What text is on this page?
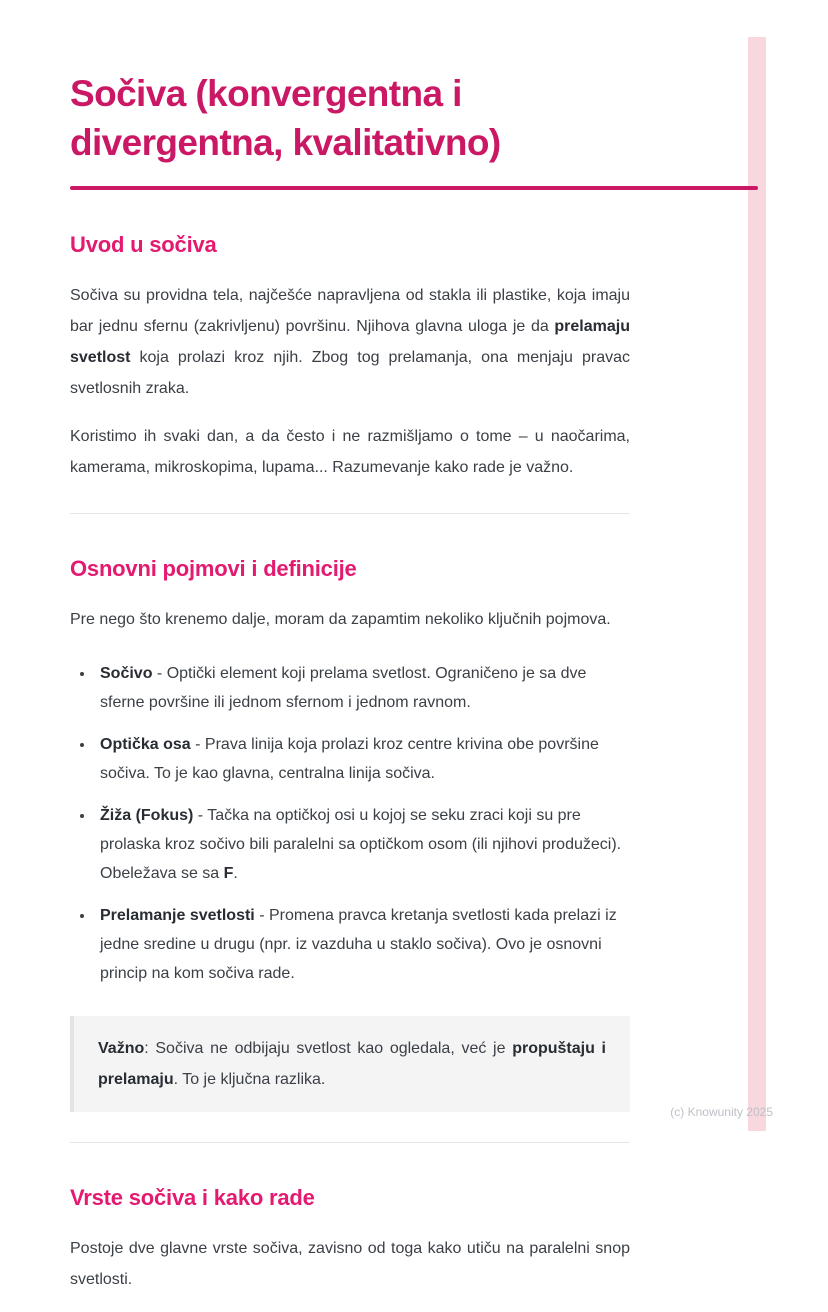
Sočiva (konvergentna i divergentna, kvalitativno)
Uvod u sočiva

Sočiva su providna tela, najčešće napravljena od stakla ili plastike, koja imaju bar jednu sfernu (zakrivljenu) površinu. Njihova glavna uloga je da prelamaju svetlost koja prolazi kroz njih. Zbog tog prelamanja, ona menjaju pravac svetlosnih zraka.

Koristimo ih svaki dan, a da često i ne razmišljamo o tome – u naočarima, kamerama, mikroskopima, lupama... Razumevanje kako rade je važno.

Osnovni pojmovi i definicije

Pre nego što krenemo dalje, moram da zapamtim nekoliko ključnih pojmova.

• Sočivo - Optički element koji prelama svetlost. Ograničeno je sa dve sferne površine ili jednom sfernom i jednom ravnom.
• Optička osa - Prava linija koja prolazi kroz centre krivina obe površine sočiva. To je kao glavna, centralna linija sočiva.
• Žiža (Fokus) - Tačka na optičkoj osi u kojoj se seku zraci koji su pre prolaska kroz sočivo bili paralelni sa optičkom osom (ili njihovi produžeci). Obeležava se sa F.
• Prelamanje svetlosti - Promena pravca kretanja svetlosti kada prelazi iz jedne sredine u drugu (npr. iz vazduha u staklo sočiva). Ovo je osnovni princip na kom sočiva rade.
Važno: Sočiva ne odbijaju svetlost kao ogledala, već je propuštaju i prelamaju. To je ključna razlika.
Vrste sočiva i kako rade

Postoje dve glavne vrste sočiva, zavisno od toga kako utiču na paralelni snop svetlosti.

(c) Knowunity 2025
